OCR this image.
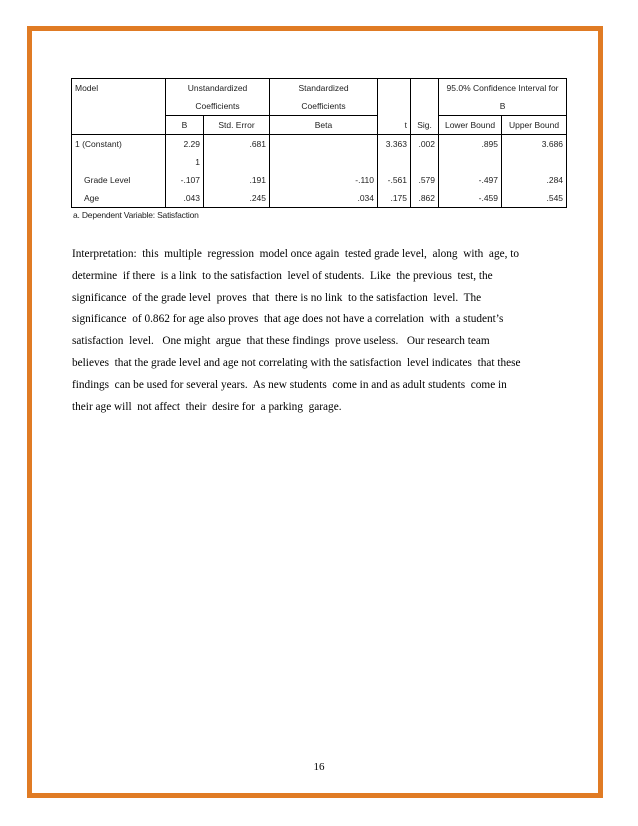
Model	Unstandardized		Standardized			95.0% Confidence Interval for	
	Coefficients		Coefficients			B	
	B	Std. Error	Beta	t	Sig.	Lower Bound	Upper Bound
1 (Constant)	2.29	.681		3.363	.002	.895	3.686
	1						
Grade Level	-.107	.191	-.110	-.561	.579	-.497	.284
Age	.043	.245	.034	.175	.862	-.459	.545
a. Dependent Variable: Satisfaction

Interpretation:  this  multiple  regression  model once again  tested grade level,  along  with  age, to

determine  if there  is a link  to the satisfaction  level of students.  Like  the previous  test, the

significance  of the grade level  proves  that  there is no link  to the satisfaction  level.  The

significance  of 0.862 for age also proves  that age does not have a correlation  with  a student’s

satisfaction  level.   One might  argue  that these findings  prove useless.   Our research team

believes  that the grade level and age not correlating with the satisfaction  level indicates  that these

findings  can be used for several years.  As new students  come in and as adult students  come in

their age will  not affect  their  desire for  a parking  garage.

16
